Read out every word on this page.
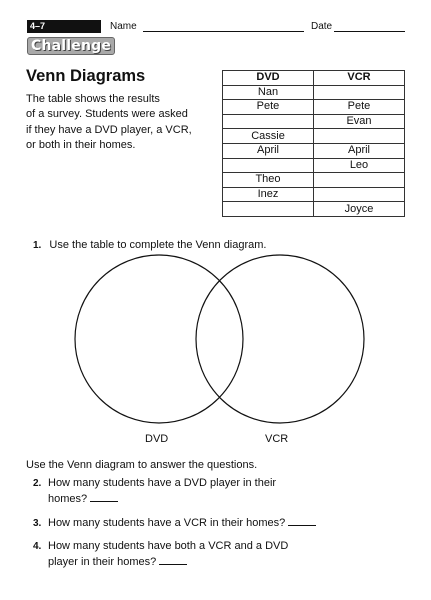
4–7	Name	Date
Challenge
Venn Diagrams
The table shows the results
of a survey. Students were asked
if they have a DVD player, a VCR,
or both in their homes.
DVD	VCR
Nan	
Pete	Pete
	Evan
Cassie	
April	April
	Leo
Theo	
Inez	
	Joyce
1. Use the table to complete the Venn diagram.
DVD	VCR
Use the Venn diagram to answer the questions.
2. How many students have a DVD player in their
homes?
3. How many students have a VCR in their homes?
4. How many students have both a VCR and a DVD
player in their homes?
